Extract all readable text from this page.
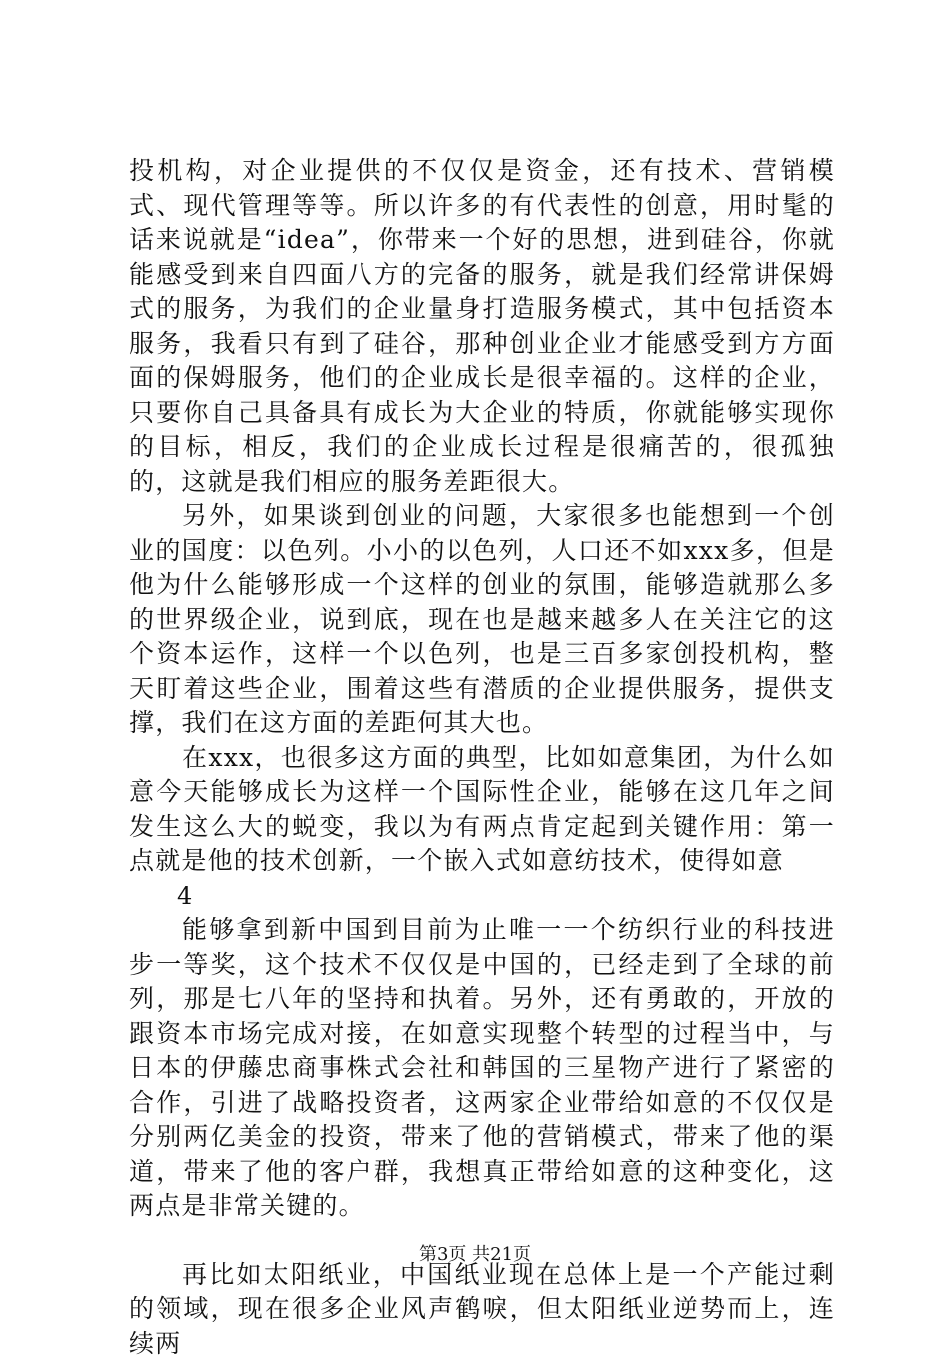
投机构，对企业提供的不仅仅是资金，还有技术、营销模式、现代管理等等。所以许多的有代表性的创意，用时髦的话来说就是“idea”，你带来一个好的思想，进到硅谷，你就能感受到来自四面八方的完备的服务，就是我们经常讲保姆式的服务，为我们的企业量身打造服务模式，其中包括资本服务，我看只有到了硅谷，那种创业企业才能感受到方方面面的保姆服务，他们的企业成长是很幸福的。这样的企业，只要你自己具备具有成长为大企业的特质，你就能够实现你的目标，相反，我们的企业成长过程是很痛苦的，很孤独的，这就是我们相应的服务差距很大。

另外，如果谈到创业的问题，大家很多也能想到一个创业的国度：以色列。小小的以色列，人口还不如xxx多，但是他为什么能够形成一个这样的创业的氛围，能够造就那么多的世界级企业，说到底，现在也是越来越多人在关注它的这个资本运作，这样一个以色列，也是三百多家创投机构，整天盯着这些企业，围着这些有潜质的企业提供服务，提供支撑，我们在这方面的差距何其大也。

在xxx，也很多这方面的典型，比如如意集团，为什么如意今天能够成长为这样一个国际性企业，能够在这几年之间发生这么大的蜕变，我以为有两点肯定起到关键作用：第一点就是他的技术创新，一个嵌入式如意纺技术，使得如意

4

能够拿到新中国到目前为止唯一一个纺织行业的科技进步一等奖，这个技术不仅仅是中国的，已经走到了全球的前列，那是七八年的坚持和执着。另外，还有勇敢的，开放的跟资本市场完成对接，在如意实现整个转型的过程当中，与日本的伊藤忠商事株式会社和韩国的三星物产进行了紧密的合作，引进了战略投资者，这两家企业带给如意的不仅仅是分别两亿美金的投资，带来了他的营销模式，带来了他的渠道，带来了他的客户群，我想真正带给如意的这种变化，这两点是非常关键的。

再比如太阳纸业，中国纸业现在总体上是一个产能过剩的领域，现在很多企业风声鹤唳，但太阳纸业逆势而上，连续两

第3页 共21页
